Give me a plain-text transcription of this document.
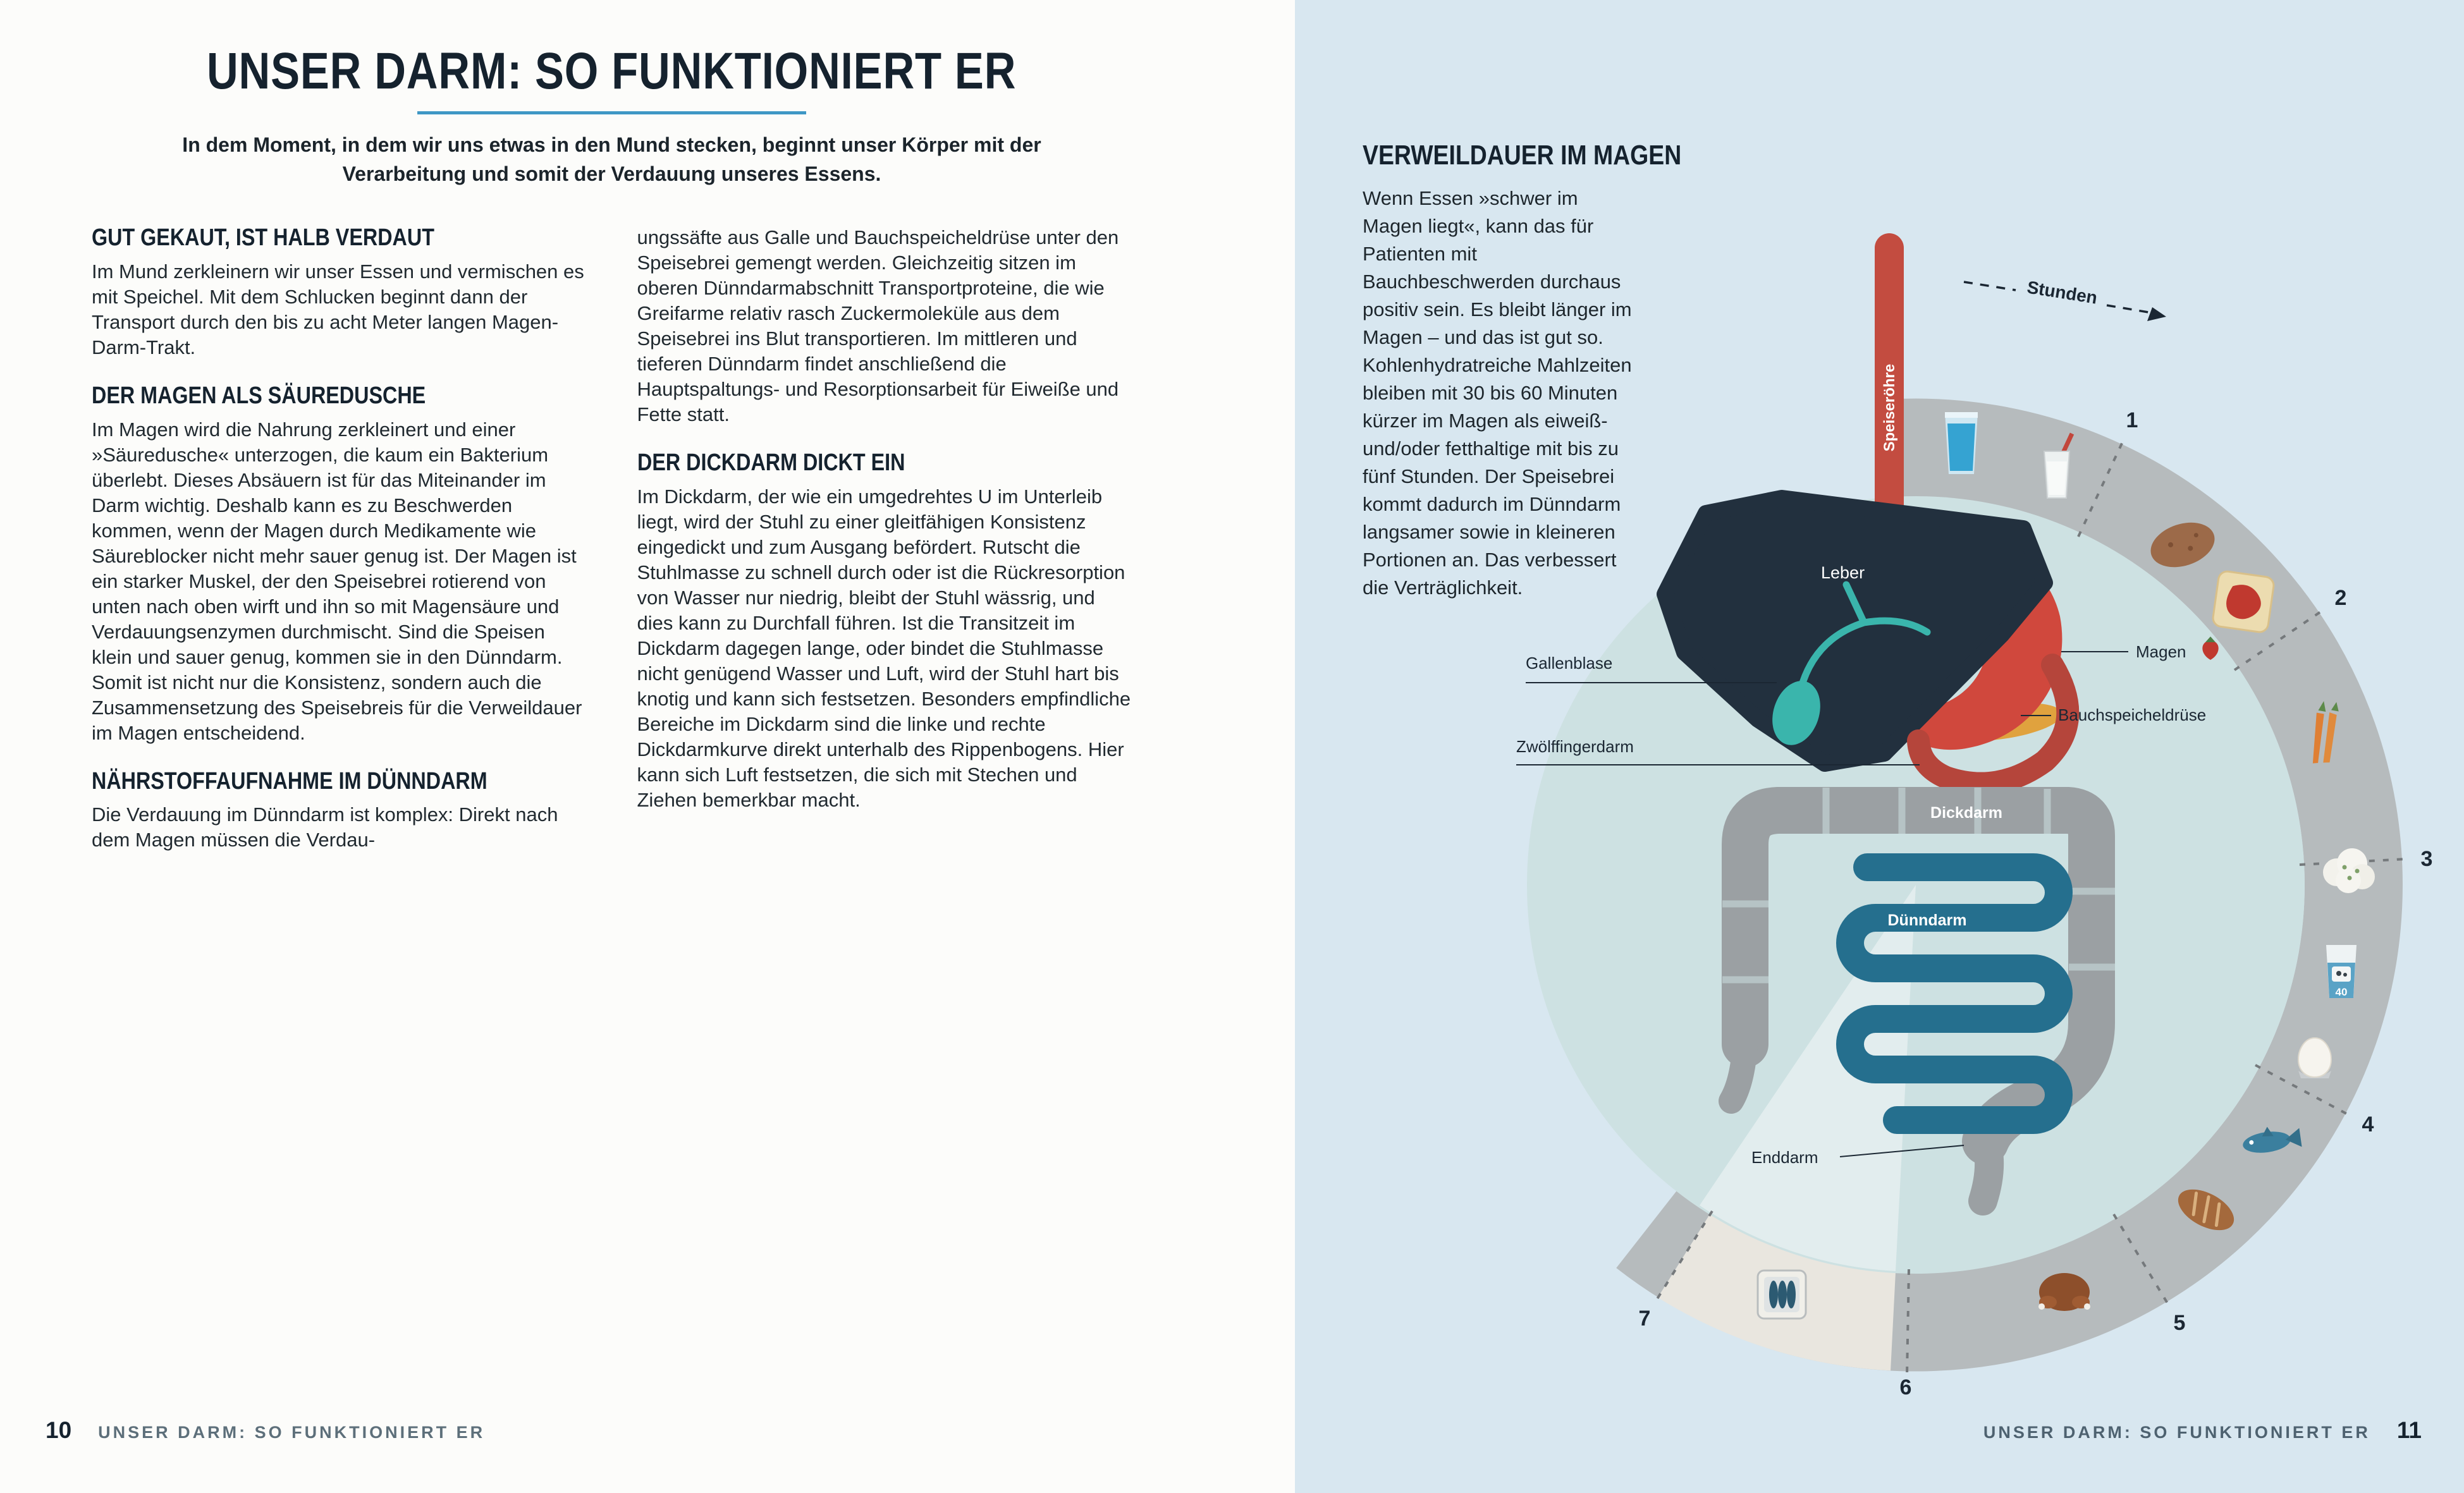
UNSER DARM: SO FUNKTIONIERT ER

In dem Moment, in dem wir uns etwas in den Mund stecken, beginnt unser Körper mit der Verarbeitung und somit der Verdauung unseres Essens.

GUT GEKAUT, IST HALB VERDAUT

Im Mund zerkleinern wir unser Essen und vermischen es mit Speichel. Mit dem Schlucken beginnt dann der Transport durch den bis zu acht Meter langen Magen-Darm-Trakt.

DER MAGEN ALS SÄUREDUSCHE

Im Magen wird die Nahrung zerkleinert und einer »Säuredusche« unterzogen, die kaum ein Bakterium überlebt. Dieses Absäuern ist für das Miteinander im Darm wichtig. Deshalb kann es zu Beschwerden kommen, wenn der Magen durch Medikamente wie Säureblocker nicht mehr sauer genug ist. Der Magen ist ein starker Muskel, der den Speisebrei rotierend von unten nach oben wirft und ihn so mit Magensäure und Verdauungsenzymen durchmischt. Sind die Speisen klein und sauer genug, kommen sie in den Dünndarm. Somit ist nicht nur die Konsistenz, sondern auch die Zusammensetzung des Speisebreis für die Verweildauer im Magen entscheidend.

NÄHRSTOFFAUFNAHME IM DÜNNDARM

Die Verdauung im Dünndarm ist komplex: Direkt nach dem Magen müssen die Verdau-

ungssäfte aus Galle und Bauchspeicheldrüse unter den Speisebrei gemengt werden. Gleichzeitig sitzen im oberen Dünndarmabschnitt Transportproteine, die wie Greifarme relativ rasch Zuckermoleküle aus dem Speisebrei ins Blut transportieren. Im mittleren und tieferen Dünndarm findet anschließend die Hauptspaltungs- und Resorptionsarbeit für Eiweiße und Fette statt.

DER DICKDARM DICKT EIN

Im Dickdarm, der wie ein umgedrehtes U im Unterleib liegt, wird der Stuhl zu einer gleitfähigen Konsistenz eingedickt und zum Ausgang befördert. Rutscht die Stuhlmasse zu schnell durch oder ist die Rückresorption von Wasser nur niedrig, bleibt der Stuhl wässrig, und dies kann zu Durchfall führen. Ist die Transitzeit im Dickdarm dagegen lange, oder bindet die Stuhlmasse nicht genügend Wasser und Luft, wird der Stuhl hart bis knotig und kann sich festsetzen. Besonders empfindliche Bereiche im Dickdarm sind die linke und rechte Dickdarmkurve direkt unterhalb des Rippenbogens. Hier kann sich Luft festsetzen, die sich mit Stechen und Ziehen bemerkbar macht.

10 UNSER DARM: SO FUNKTIONIERT ER
VERWEILDAUER IM MAGEN

Wenn Essen »schwer im Magen liegt«, kann das für Patienten mit Bauchbeschwerden durchaus positiv sein. Es bleibt länger im Magen – und das ist gut so. Kohlenhydratreiche Mahlzeiten bleiben mit 30 bis 60 Minuten kürzer im Magen als eiweiß- und/oder fetthaltige mit bis zu fünf Stunden. Der Speisebrei kommt dadurch im Dünndarm langsamer sowie in kleineren Portionen an. Das verbessert die Verträglichkeit.

1
2
3
4
5
6
7
Stunden
Speiseröhre
Leber
Dickdarm
Dünndarm
Gallenblase
Magen
Bauchspeicheldrüse
Zwölffingerdarm
Enddarm
40
UNSER DARM: SO FUNKTIONIERT ER 11
